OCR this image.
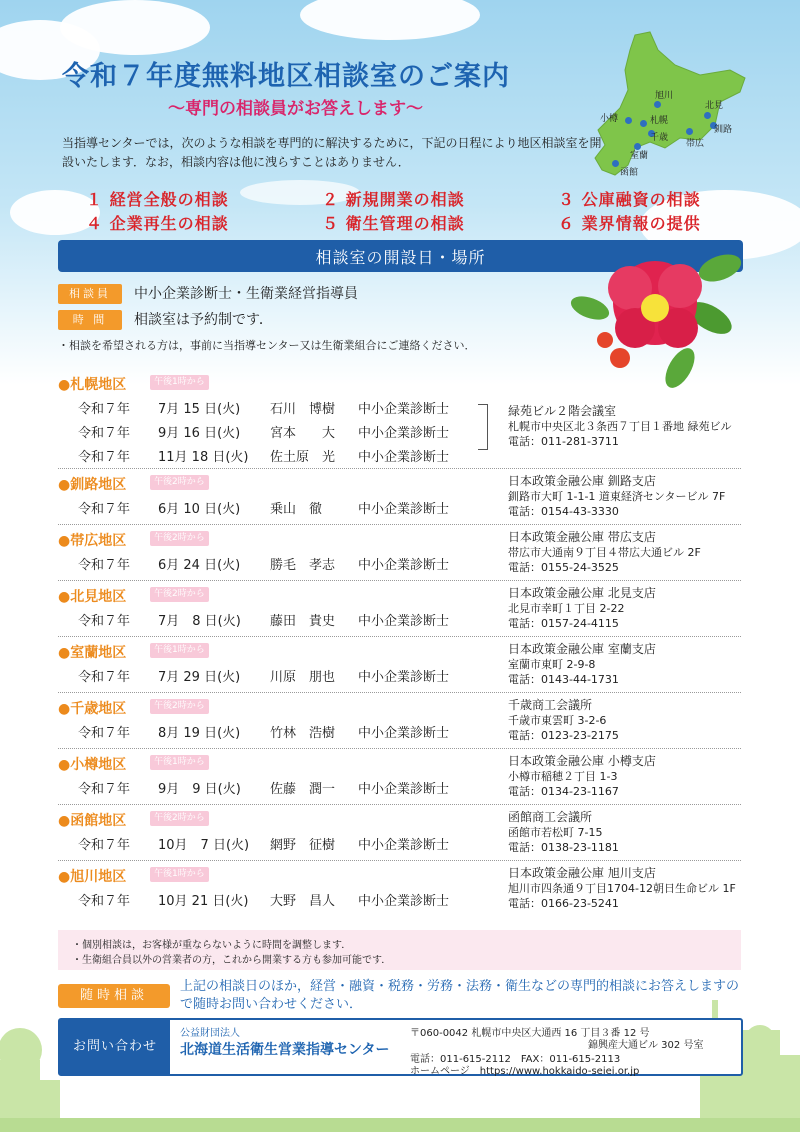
旭川
北見
小樽	札幌
釧路
千歳
帯広
室蘭
函館
令和７年度無料地区相談室のご案内
～専門の相談員がお答えします～
当指導センターでは，次のような相談を専門的に解決するために，下記の日程により地区相談室を開設いたします．なお，相談内容は他に洩らすことはありません．
１ 経営全般の相談	２ 新規開業の相談	３ 公庫融資の相談
４ 企業再生の相談	５ 衛生管理の相談	６ 業界情報の提供
相談室の開設日・場所
相談員	中小企業診断士・生衛業経営指導員
時 間	相談室は予約制です．
・相談を希望される方は，事前に当指導センター又は生衛業組合にご連絡ください．
●札幌地区	午後1時から
令和７年 7月 15 日(火) 石川　博樹 中小企業診断士
令和７年 9月 16 日(火) 宮本　　大 中小企業診断士
令和７年 11月 18 日(火) 佐土原　光 中小企業診断士
緑苑ビル２階会議室
札幌市中央区北３条西７丁目１番地 緑苑ビル
電話：011-281-3711
●釧路地区	午後2時から
令和７年 6月 10 日(火) 乗山　徹	中小企業診断士
日本政策金融公庫 釧路支店
釧路市大町 1-1-1 道東経済センタービル 7F
電話：0154-43-3330
●帯広地区	午後2時から
令和７年 6月 24 日(火) 勝毛　孝志 中小企業診断士
日本政策金融公庫 帯広支店
帯広市大通南９丁目４帯広大通ビル 2F
電話：0155-24-3525
●北見地区	午後2時から
令和７年 7月　8 日(火) 藤田　貴史 中小企業診断士
日本政策金融公庫 北見支店
北見市幸町１丁目 2-22
電話：0157-24-4115
●室蘭地区	午後1時から
令和７年 7月 29 日(火) 川原　朋也 中小企業診断士
日本政策金融公庫 室蘭支店
室蘭市東町 2-9-8
電話：0143-44-1731
●千歳地区	午後2時から
令和７年 8月 19 日(火) 竹林　浩樹 中小企業診断士
千歳商工会議所
千歳市東雲町 3-2-6
電話：0123-23-2175
●小樽地区	午後1時から
令和７年 9月　9 日(火) 佐藤　潤一 中小企業診断士
日本政策金融公庫 小樽支店
小樽市稲穂２丁目 1-3
電話：0134-23-1167
●函館地区	午後2時から
令和７年 10月　7 日(火) 網野　征樹 中小企業診断士
函館商工会議所
函館市若松町 7-15
電話：0138-23-1181
●旭川地区	午後1時から
令和７年 10月 21 日(火) 大野　昌人 中小企業診断士
日本政策金融公庫 旭川支店
旭川市四条通９丁目1704-12朝日生命ビル 1F
電話：0166-23-5241
・個別相談は，お客様が重ならないように時間を調整します．
・生衛組合員以外の営業者の方，これから開業する方も参加可能です．
随時相談
上記の相談日のほか，経営・融資・税務・労務・法務・衛生などの専門的相談にお答えしますので随時お問い合わせください．
お問い合わせ
公益財団法人
北海道生活衛生営業指導センター
〒060-0042 札幌市中央区大通西 16 丁目３番 12 号
錦興産大通ビル 302 号室
電話：011-615-2112　FAX：011-615-2113
ホームページ　https://www.hokkaido-seiei.or.jp
